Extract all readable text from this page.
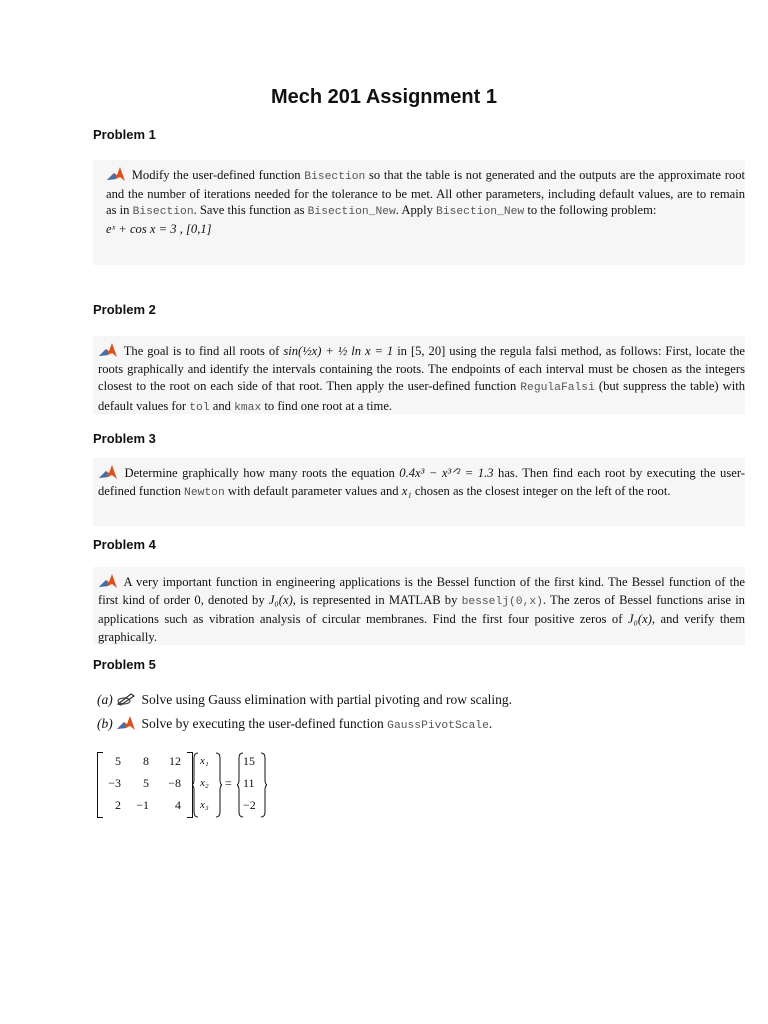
Mech 201 Assignment 1
Problem 1

Modify the user-defined function Bisection so that the table is not generated and the outputs are the approximate root and the number of iterations needed for the tolerance to be met. All other parameters, including default values, are to remain as in Bisection. Save this function as Bisection_New. Apply Bisection_New to the following problem:

eˣ + cos x = 3 , [0,1]

Problem 2

The goal is to find all roots of sin(½x) + ½ ln x = 1 in [5, 20] using the regula falsi method, as follows: First, locate the roots graphically and identify the intervals containing the roots. The endpoints of each interval must be chosen as the integers closest to the root on each side of that root. Then apply the user-defined function RegulaFalsi (but suppress the table) with default values for tol and kmax to find one root at a time.

Problem 3

Determine graphically how many roots the equation 0.4x³ − x³ᐟ² = 1.3 has. Then find each root by executing the user-defined function Newton with default parameter values and x₁ chosen as the closest integer on the left of the root.

Problem 4

A very important function in engineering applications is the Bessel function of the first kind. The Bessel function of the first kind of order 0, denoted by J₀(x), is represented in MATLAB by besselj(0,x). The zeros of Bessel functions arise in applications such as vibration analysis of circular membranes. Find the first four positive zeros of J₀(x), and verify them graphically.

Problem 5

(a) Solve using Gauss elimination with partial pivoting and row scaling.

(b) Solve by executing the user-defined function GaussPivotScale.

5	8	12
−3	5	−8
2	−1	4
x₁
x₂
x₃
=
15
11
−2
